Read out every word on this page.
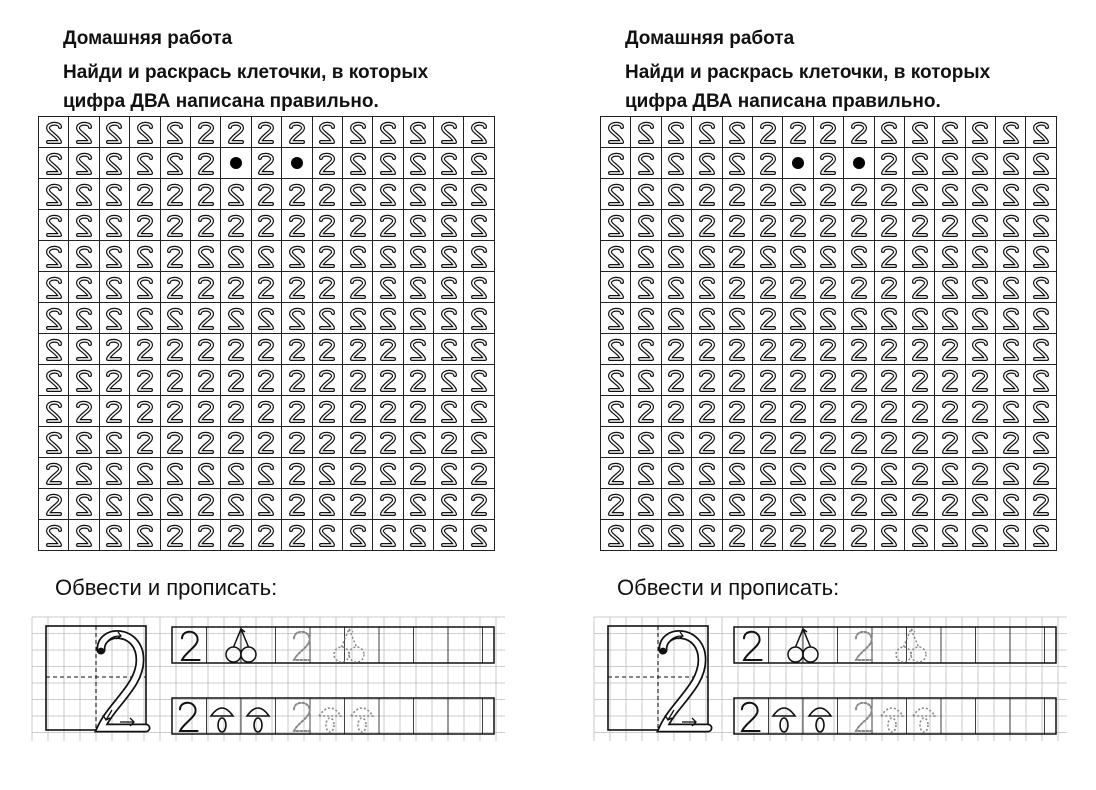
Домашняя работа
Найди и раскрась клеточки, в которых
цифра ДВА написана правильно.
Обвести и прописать:
Домашняя работа
Найди и раскрась клеточки, в которых
цифра ДВА написана правильно.
Обвести и прописать:
